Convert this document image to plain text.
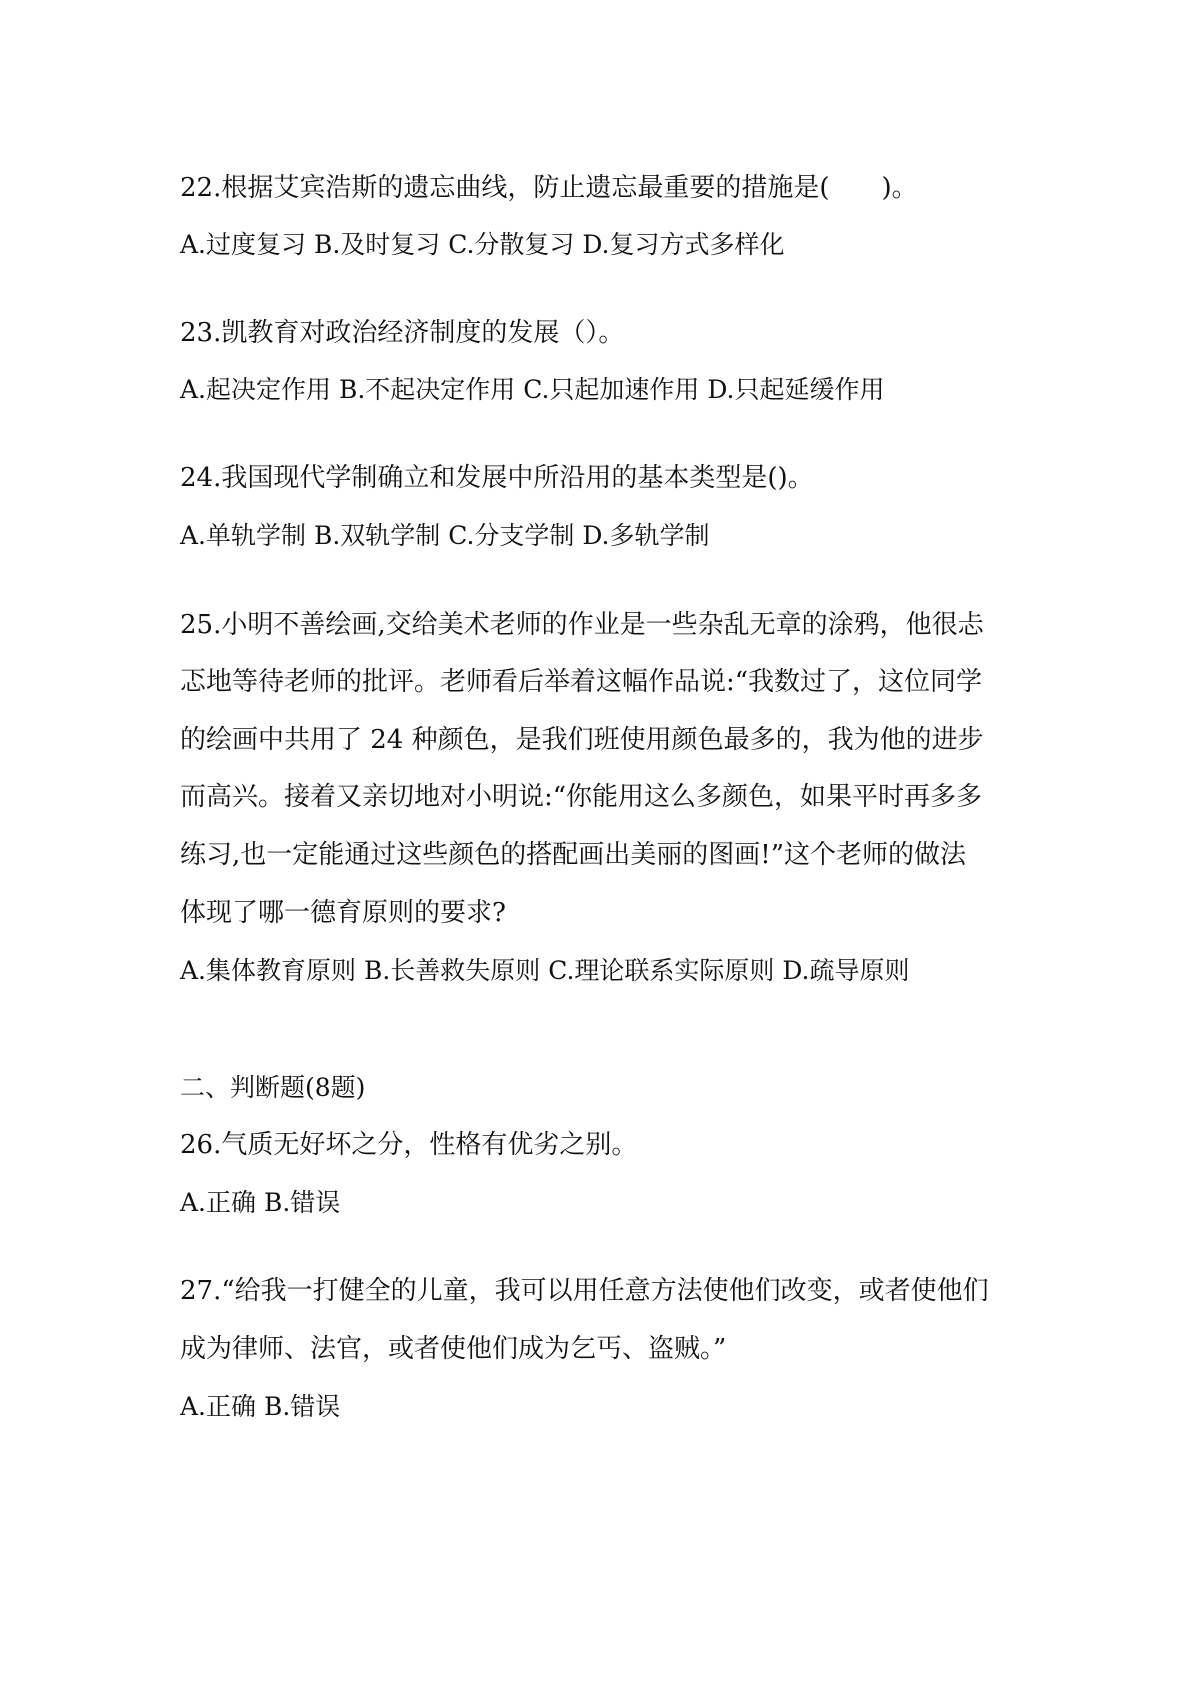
22.根据艾宾浩斯的遗忘曲线，防止遗忘最重要的措施是(　　)。
A.过度复习 B.及时复习 C.分散复习 D.复习方式多样化
23.凯教育对政治经济制度的发展（）。
A.起决定作用 B.不起决定作用 C.只起加速作用 D.只起延缓作用
24.我国现代学制确立和发展中所沿用的基本类型是()。
A.单轨学制 B.双轨学制 C.分支学制 D.多轨学制
25.小明不善绘画,交给美术老师的作业是一些杂乱无章的涂鸦，他很忐
忑地等待老师的批评。老师看后举着这幅作品说:“我数过了，这位同学
的绘画中共用了 24 种颜色，是我们班使用颜色最多的，我为他的进步
而高兴。接着又亲切地对小明说:“你能用这么多颜色，如果平时再多多
练习,也一定能通过这些颜色的搭配画出美丽的图画!”这个老师的做法
体现了哪一德育原则的要求?
A.集体教育原则 B.长善救失原则 C.理论联系实际原则 D.疏导原则
二、判断题(8题)
26.气质无好坏之分，性格有优劣之别。
A.正确 B.错误
27.“给我一打健全的儿童，我可以用任意方法使他们改变，或者使他们
成为律师、法官，或者使他们成为乞丐、盗贼。”
A.正确 B.错误
